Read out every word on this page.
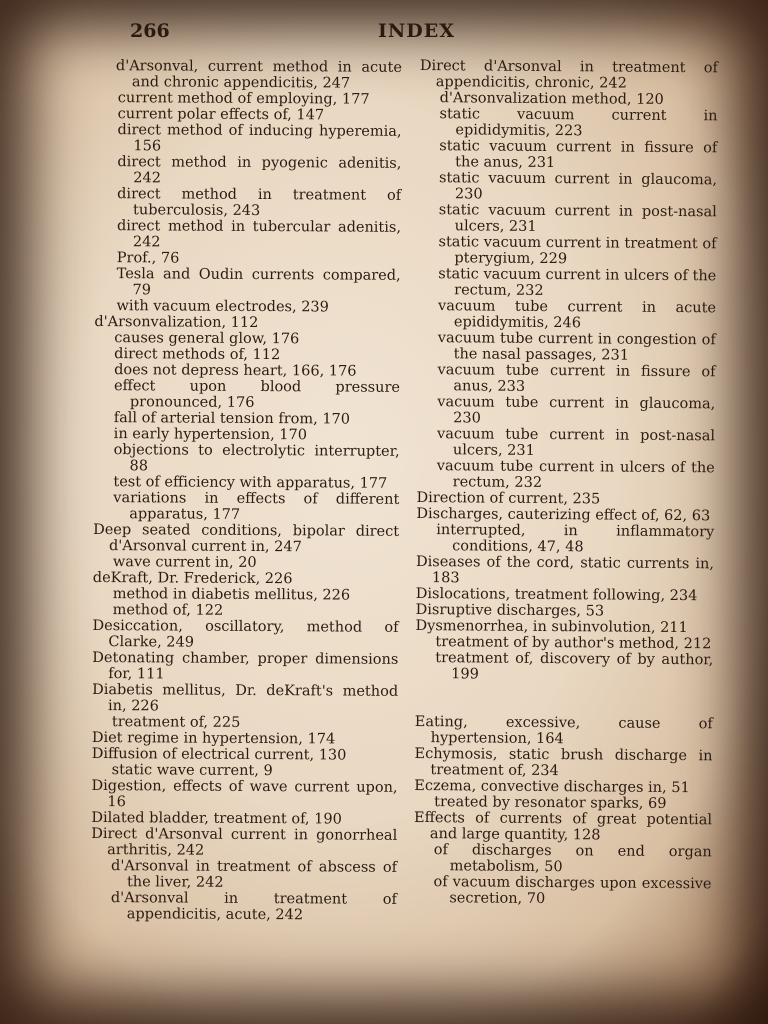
266	INDEX
d'Arsonval, current method in acute and chronic appendicitis, 247
current method of employing, 177
current polar effects of, 147
direct method of inducing hyperemia, 156
direct method in pyogenic adenitis, 242
direct method in treatment of tuberculosis, 243
direct method in tubercular adenitis, 242
Prof., 76
Tesla and Oudin currents compared, 79
with vacuum electrodes, 239
d'Arsonvalization, 112
causes general glow, 176
direct methods of, 112
does not depress heart, 166, 176
effect upon blood pressure pronounced, 176
fall of arterial tension from, 170
in early hypertension, 170
objections to electrolytic interrupter, 88
test of efficiency with apparatus, 177
variations in effects of different apparatus, 177
Deep seated conditions, bipolar direct d'Arsonval current in, 247
wave current in, 20
deKraft, Dr. Frederick, 226
method in diabetis mellitus, 226
method of, 122
Desiccation, oscillatory, method of Clarke, 249
Detonating chamber, proper dimensions for, 111
Diabetis mellitus, Dr. deKraft's method in, 226
treatment of, 225
Diet regime in hypertension, 174
Diffusion of electrical current, 130
static wave current, 9
Digestion, effects of wave current upon, 16
Dilated bladder, treatment of, 190
Direct d'Arsonval current in gonorrheal arthritis, 242
d'Arsonval in treatment of abscess of the liver, 242
d'Arsonval in treatment of appendicitis, acute, 242
Direct d'Arsonval in treatment of appendicitis, chronic, 242
d'Arsonvalization method, 120
static vacuum current in epididymitis, 223
static vacuum current in fissure of the anus, 231
static vacuum current in glaucoma, 230
static vacuum current in post-nasal ulcers, 231
static vacuum current in treatment of pterygium, 229
static vacuum current in ulcers of the rectum, 232
vacuum tube current in acute epididymitis, 246
vacuum tube current in congestion of the nasal passages, 231
vacuum tube current in fissure of anus, 233
vacuum tube current in glaucoma, 230
vacuum tube current in post-nasal ulcers, 231
vacuum tube current in ulcers of the rectum, 232
Direction of current, 235
Discharges, cauterizing effect of, 62, 63
interrupted, in inflammatory conditions, 47, 48
Diseases of the cord, static currents in, 183
Dislocations, treatment following, 234
Disruptive discharges, 53
Dysmenorrhea, in subinvolution, 211
treatment of by author's method, 212
treatment of, discovery of by author, 199
Eating, excessive, cause of hypertension, 164
Echymosis, static brush discharge in treatment of, 234
Eczema, convective discharges in, 51
treated by resonator sparks, 69
Effects of currents of great potential and large quantity, 128
of discharges on end organ metabolism, 50
of vacuum discharges upon excessive secretion, 70
